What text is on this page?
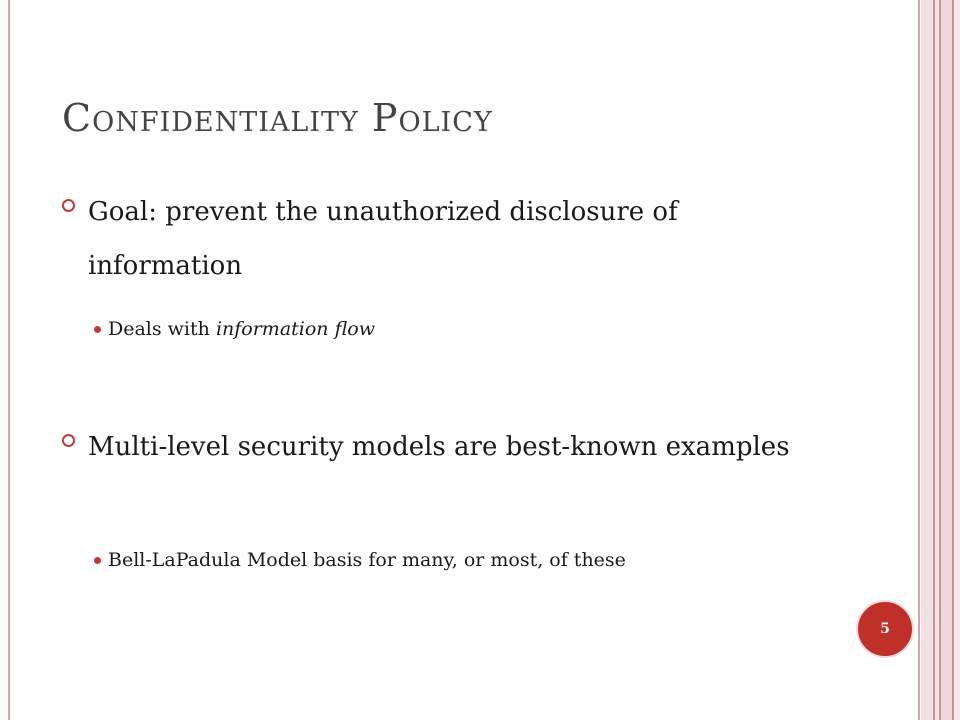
Confidentiality Policy
Goal: prevent the unauthorized disclosure of information
Deals with information flow
Multi-level security models are best-known examples
Bell-LaPadula Model basis for many, or most, of these
5
